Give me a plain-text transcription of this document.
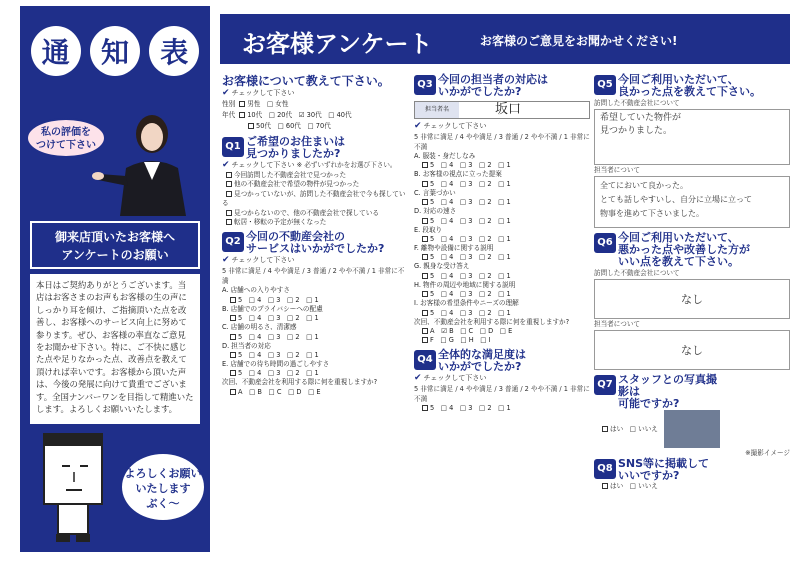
通	知	表
私の評価を
つけて下さい
御来店頂いたお客様へ
アンケートのお願い
本日はご契約ありがとうございます。当店はお客さまのお声もお客様の生の声にしっかり耳を傾け、ご指摘頂いた点を改善し、お客様へのサービス向上に努めて参ります。ぜひ、お客様の率直なご意見をお聞かせ下さい。特に、ご不快に感じた点や足りなかった点、改善点を教えて頂ければ幸いです。お客様から頂いた声は、今後の発展に向けて貴重でございます。全国ナンバーワンを目指して精進いたします。よろしくお願いいたします。
よろしくお願い
いたします
ぶく〜
お客様アンケート	お客様のご意見をお聞かせください!
お客様について教えて下さい。
✔ チェックして下さい
性別 男性　□ 女性
年代 10代　□ 20代　☑ 30代　□ 40代
50代　□ 60代　□ 70代
Q1 ご希望のお住まいは
見つかりましたか?
✔ チェックして下さい ※ 必ずいずれかをお選び下さい。
今回訪問した不動産会社で見つかった
他の不動産会社で希望の物件が見つかった
見つかっていないが、訪問した不動産会社で今も探している
見つからないので、他の不動産会社で探している
転居・移転の予定が無くなった
Q2 今回の不動産会社の
サービスはいかがでしたか?
✔ チェックして下さい
5 非常に満足 / 4 やや満足 / 3 普通 / 2 やや不満 / 1 非常に不満
A. 店舗への入りやすさ
5　□ 4　□ 3　□ 2　□ 1
B. 店舗でのプライバシーへの配慮
5　□ 4　□ 3　□ 2　□ 1
C. 店舗の明るさ、清潔感
5　□ 4　□ 3　□ 2　□ 1
D. 担当者の対応
5　□ 4　□ 3　□ 2　□ 1
E. 店舗での待ち時間の過ごしやすさ
5　□ 4　□ 3　□ 2　□ 1
次回、不動産会社を利用する際に何を重視しますか?
A　□ B　□ C　□ D　□ E
Q3 今回の担当者の対応は
いかがでしたか?
担当者名	坂口
✔ チェックして下さい
5 非常に満足 / 4 やや満足 / 3 普通 / 2 やや不満 / 1 非常に不満
A. 服装・身だしなみ
5　□ 4　□ 3　□ 2　□ 1
B. お客様の視点に立った提案
5　□ 4　□ 3　□ 2　□ 1
C. 言葉づかい
5　□ 4　□ 3　□ 2　□ 1
D. 対応の速さ
5　□ 4　□ 3　□ 2　□ 1
E. 段取り
5　□ 4　□ 3　□ 2　□ 1
F. 離物や設備に関する説明
5　□ 4　□ 3　□ 2　□ 1
G. 親身な受け答え
5　□ 4　□ 3　□ 2　□ 1
H. 物件の周辺や地域に関する説明
5　□ 4　□ 3　□ 2　□ 1
I. お客様の希望条件やニーズの理解
5　□ 4　□ 3　□ 2　□ 1
次回、不動産会社を利用する際に何を重視しますか?
A　☑ B　□ C　□ D　□ E
F　□ G　□ H　□ I
Q4 全体的な満足度は
いかがでしたか?
✔ チェックして下さい
5 非常に満足 / 4 やや満足 / 3 普通 / 2 やや不満 / 1 非常に不満
5　□ 4　□ 3　□ 2　□ 1
Q5 今回ご利用いただいて、
良かった点を教えて下さい。
訪問した不動産会社について
希望していた物件が
見つかりました。
担当者について
全てにおいて良かった。
とても話しやすいし、自分に立場に立って
物事を進めて下さいました。
Q6 今回ご利用いただいて、
悪かった点や改善した方が
いい点を教えて下さい。
訪問した不動産会社について
なし
担当者について
なし
Q7 スタッフとの写真撮影は
可能ですか?
はい　□ いいえ
※撮影イメージ
Q8 SNS等に掲載して
いいですか?
はい　□ いいえ
